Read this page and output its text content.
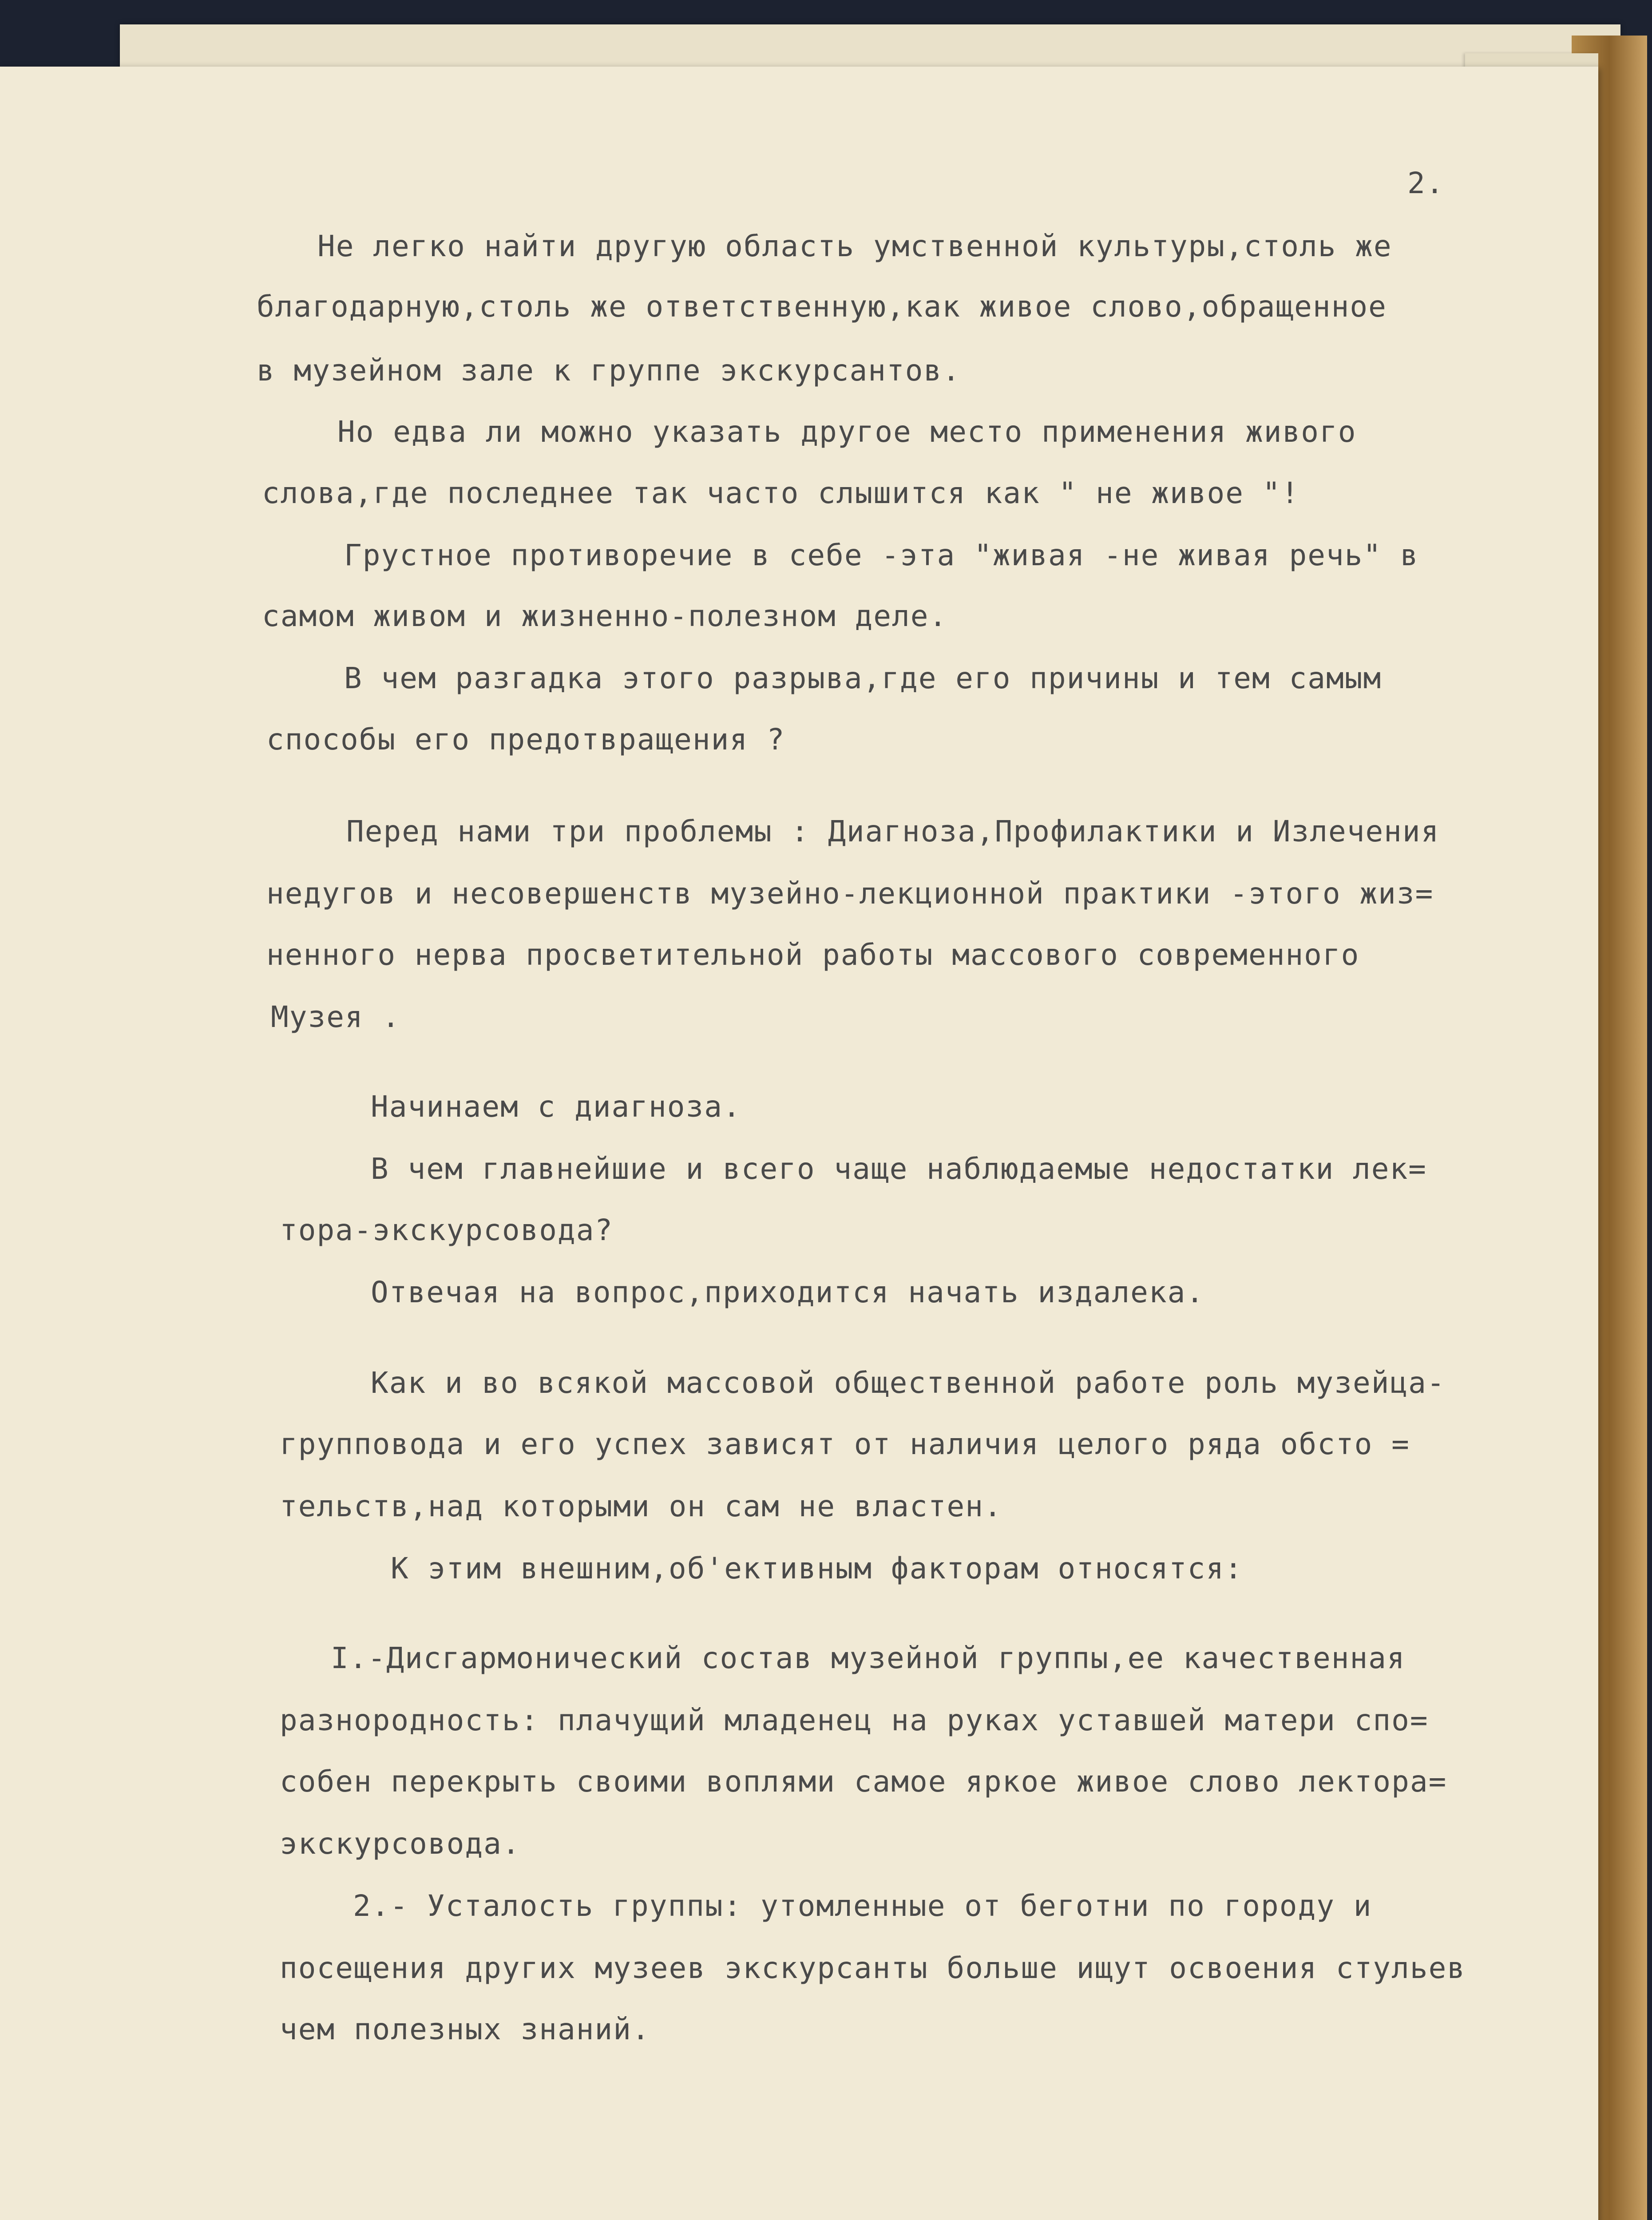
2.
Не легко найти другую область умственной культуры,столь же
благодарную,столь же ответственную,как живое слово,обращенное
в музейном зале к группе экскурсантов.
Но едва ли можно указать другое место применения живого
слова,где последнее так часто слышится как " не живое "!
Грустное противоречие в себе -эта "живая -не живая речь" в
самом живом и жизненно-полезном деле.
В чем разгадка этого разрыва,где его причины и тем самым
способы его предотвращения ?
Перед нами три проблемы : Диагноза,Профилактики и Излечения
недугов и несовершенств музейно-лекционной практики -этого жиз=
ненного нерва просветительной работы массового современного
Музея .
Начинаем с диагноза.
В чем главнейшие и всего чаще наблюдаемые недостатки лек=
тора-экскурсовода?
Отвечая на вопрос,приходится начать издалека.
Как и во всякой массовой общественной работе роль музейца-
групповода и его успех зависят от наличия целого ряда обсто =
тельств,над которыми он сам не властен.
К этим внешним,об'ективным факторам относятся:
I.-Дисгармонический состав музейной группы,ее качественная
разнородность: плачущий младенец на руках уставшей матери спо=
собен перекрыть своими воплями самое яркое живое слово лектора=
экскурсовода.
2.- Усталость группы: утомленные от беготни по городу и
посещения других музеев экскурсанты больше ищут освоения стульев
чем полезных знаний.
